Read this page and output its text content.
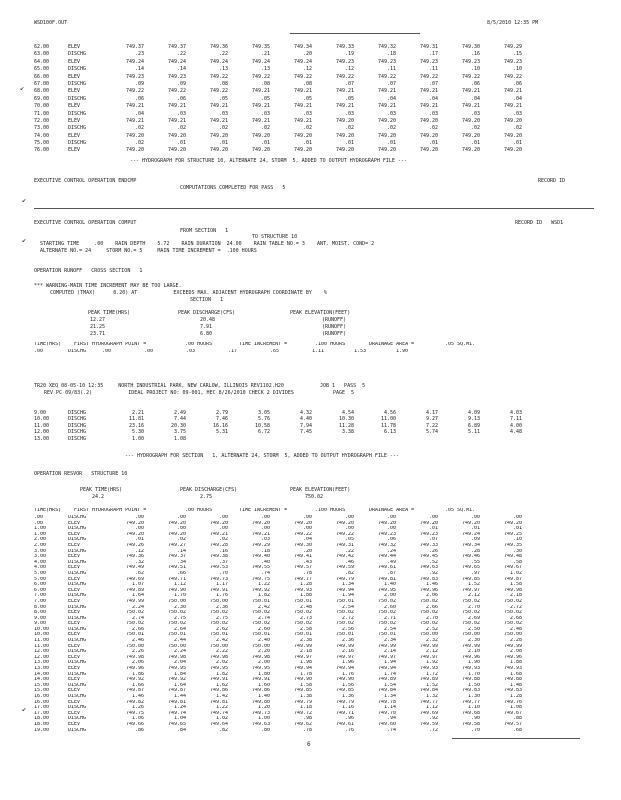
WSD100F.OUT	8/5/2010 12:35 PM
62.00	ELEV	749.37	749.37	749.36	749.35	749.34	749.33	749.32	749.31	749.30	749.29
63.00	DISCHG	.23	.22	.22	.21	.20	.19	.18	.17	.16	.15
64.00	ELEV	749.24	749.24	749.24	749.24	749.24	749.23	749.23	749.23	749.23	749.23
65.00	DISCHG	.14	.14	.13	.13	.12	.12	.11	.11	.10	.10
66.00	ELEV	749.23	749.23	749.22	749.22	749.22	749.22	749.22	749.22	749.22	749.22
67.00	DISCHG	.09	.09	.08	.08	.08	.07	.07	.07	.06	.06
68.00	ELEV	749.22	749.22	749.22	749.21	749.21	749.21	749.21	749.21	749.21	749.21
69.00	DISCHG	.06	.06	.05	.05	.05	.05	.04	.04	.04	.04
70.00	ELEV	749.21	749.21	749.21	749.21	749.21	749.21	749.21	749.21	749.21	749.21
71.00	DISCHG	.04	.03	.03	.03	.03	.03	.03	.03	.03	.03
72.00	ELEV	749.21	749.21	749.21	749.21	749.21	749.20	749.20	749.20	749.20	749.20
73.00	DISCHG	.02	.02	.02	.02	.02	.02	.02	.02	.02	.02
74.00	ELEV	749.20	749.20	749.20	749.20	749.20	749.20	749.20	749.20	749.20	749.20
75.00	DISCHG	.02	.01	.01	.01	.01	.01	.01	.01	.01	.01
76.00	ELEV	749.20	749.20	749.20	749.20	749.20	749.20	749.20	749.20	749.20	749.20
--- HYDROGRAPH FOR STRUCTURE 10, ALTERNATE 24, STORM  5, ADDED TO OUTPUT HYDROGRAPH FILE ---
EXECUTIVE CONTROL OPERATION ENDCMP	RECORD ID
COMPUTATIONS COMPLETED FOR PASS   5
EXECUTIVE CONTROL OPERATION COMPUT	RECORD ID   WSD1
FROM SECTION   1
TO STRUCTURE 10
STARTING TIME     .00    RAIN DEPTH    5.72    RAIN DURATION  24.00    RAIN TABLE NO.= 3    ANT. MOIST. COND= 2
ALTERNATE NO.= 24     STORM NO.= 5     MAIN TIME INCREMENT =  .100 HOURS
OPERATION RUNOFF   CROSS SECTION   1
*** WARNING-MAIN TIME INCREMENT MAY BE TOO LARGE.
COMPUTED (TMAX)      0.20) AT            EXCEEDS MAX. ADJACENT HYDROGRAPH COORDINATE BY    %
SECTION   1
PEAK TIME(HRS)	PEAK DISCHARGE(CFS)	PEAK ELEVATION(FEET)
12.27	20.48	(RUNOFF)
21.25	7.91	(RUNOFF)
23.71	6.80	(RUNOFF)
TIME(HRS)	FIRST HYDROGRAPH POINT =	.00 HOURS	TIME INCREMENT =	.100 HOURS	DRAINAGE AREA =	.05 SQ.MI.
.00	DISCHG	.00	.00	.03	.17	.65	1.11	1.53	1.90
TR20 XEQ 08-05-10 12:35     NORTH INDUSTRIAL PARK, NEW CARLOW, ILLINOIS REV1102.H20            JOB 1   PASS  5
REV PC 09/83(.2)            IDEAL PROJECT NO: 09-001, HEC 8/26/2010 CHECK 2 DIVIDES             PAGE  5
9.00	DISCHG	2.21	2.49	2.79	3.05	4.32	4.54	4.56	4.17	4.09	4.03
10.00	DISCHG	11.81	7.44	7.46	5.76	4.40	10.30	11.00	9.27	9.13	7.11
11.00	DISCHG	23.16	20.30	16.16	10.58	7.94	11.28	11.78	7.22	6.89	4.00
12.00	DISCHG	5.30	3.75	5.31	6.72	7.45	3.38	6.13	5.74	5.11	4.48
13.00	DISCHG	1.00	1.08
--- HYDROGRAPH FOR SECTION   1, ALTERNATE 24, STORM  5, ADDED TO OUTPUT HYDROGRAPH FILE ---
OPERATION RESVOR   STRUCTURE 10
PEAK TIME(HRS)	PEAK DISCHARGE(CFS)	PEAK ELEVATION(FEET)
24.2	2.75	750.02
TIME(HRS)	FIRST HYDROGRAPH POINT =	.00 HOURS	TIME INCREMENT =	.100 HOURS	DRAINAGE AREA =	.05 SQ.MI.
.00	DISCHG	.00	.00	.00	.00	.00	.00	.00	.00	.00	.00
.00	ELEV	749.20	749.20	749.20	749.20	749.20	749.20	749.20	749.20	749.20	749.20
1.00	DISCHG	.00	.00	.00	.00	.00	.00	.00	.01	.01	.01
1.00	ELEV	749.20	749.20	749.21	749.21	749.22	749.22	749.23	749.23	749.24	749.25
2.00	DISCHG	.01	.02	.02	.03	.04	.05	.06	.07	.09	.10
2.00	ELEV	749.26	749.27	749.28	749.29	749.30	749.31	749.32	749.33	749.34	749.35
3.00	DISCHG	.12	.14	.16	.18	.20	.22	.24	.26	.28	.30
3.00	ELEV	749.36	749.37	749.38	749.40	749.41	749.42	749.44	749.45	749.46	749.48
4.00	DISCHG	.32	.34	.37	.40	.43	.46	.49	.52	.55	.58
4.00	ELEV	749.49	749.51	749.53	749.55	749.57	749.59	749.61	749.63	749.65	749.67
5.00	DISCHG	.62	.66	.70	.74	.78	.82	.87	.92	.97	1.02
5.00	ELEV	749.69	749.71	749.73	749.75	749.77	749.79	749.81	749.83	749.85	749.87
6.00	DISCHG	1.07	1.12	1.17	1.22	1.28	1.34	1.40	1.46	1.52	1.58
6.00	ELEV	749.89	749.90	749.91	749.92	749.93	749.94	749.95	749.96	749.97	749.98
7.00	DISCHG	1.64	1.70	1.76	1.82	1.88	1.94	2.00	2.06	2.12	2.18
7.00	ELEV	749.99	750.00	750.00	750.01	750.01	750.01	750.02	750.02	750.02	750.02
8.00	DISCHG	2.24	2.30	2.36	2.42	2.48	2.54	2.60	2.66	2.70	2.72
8.00	ELEV	750.02	750.02	750.02	750.02	750.02	750.02	750.02	750.02	750.02	750.02
9.00	DISCHG	2.74	2.75	2.75	2.74	2.73	2.72	2.71	2.70	2.69	2.68
9.00	ELEV	750.02	750.02	750.02	750.02	750.02	750.02	750.02	750.02	750.02	750.02
10.00	DISCHG	2.66	2.64	2.62	2.60	2.58	2.56	2.54	2.52	2.50	2.48
10.00	ELEV	750.01	750.01	750.01	750.01	750.01	750.01	750.01	750.00	750.00	750.00
11.00	DISCHG	2.46	2.44	2.42	2.40	2.38	2.36	2.34	2.32	2.30	2.28
11.00	ELEV	750.00	750.00	750.00	750.00	749.99	749.99	749.99	749.99	749.99	749.99
12.00	DISCHG	2.26	2.24	2.22	2.20	2.18	2.16	2.14	2.12	2.10	2.08
12.00	ELEV	749.98	749.98	749.98	749.98	749.97	749.97	749.97	749.97	749.96	749.96
13.00	DISCHG	2.06	2.04	2.02	2.00	1.98	1.96	1.94	1.92	1.90	1.88
13.00	ELEV	749.96	749.95	749.95	749.95	749.94	749.94	749.94	749.93	749.93	749.93
14.00	DISCHG	1.86	1.84	1.82	1.80	1.78	1.76	1.74	1.72	1.70	1.68
14.00	ELEV	749.92	749.92	749.91	749.91	749.90	749.90	749.89	749.89	749.88	749.88
15.00	DISCHG	1.66	1.64	1.62	1.60	1.58	1.56	1.54	1.52	1.50	1.48
15.00	ELEV	749.87	749.87	749.86	749.86	749.85	749.85	749.84	749.84	749.83	749.83
16.00	DISCHG	1.46	1.44	1.42	1.40	1.38	1.36	1.34	1.32	1.30	1.28
16.00	ELEV	749.82	749.81	749.81	749.80	749.79	749.79	749.78	749.77	749.77	749.76
17.00	DISCHG	1.26	1.24	1.22	1.20	1.18	1.16	1.14	1.12	1.10	1.08
17.00	ELEV	749.75	749.74	749.74	749.73	749.72	749.71	749.70	749.69	749.68	749.67
18.00	DISCHG	1.06	1.04	1.02	1.00	.98	.96	.94	.92	.90	.88
18.00	ELEV	749.66	749.65	749.64	749.63	749.62	749.61	749.60	749.59	749.58	749.57
19.00	DISCHG	.86	.84	.82	.80	.78	.76	.74	.72	.70	.68
↙
↙
↙
↙
6
